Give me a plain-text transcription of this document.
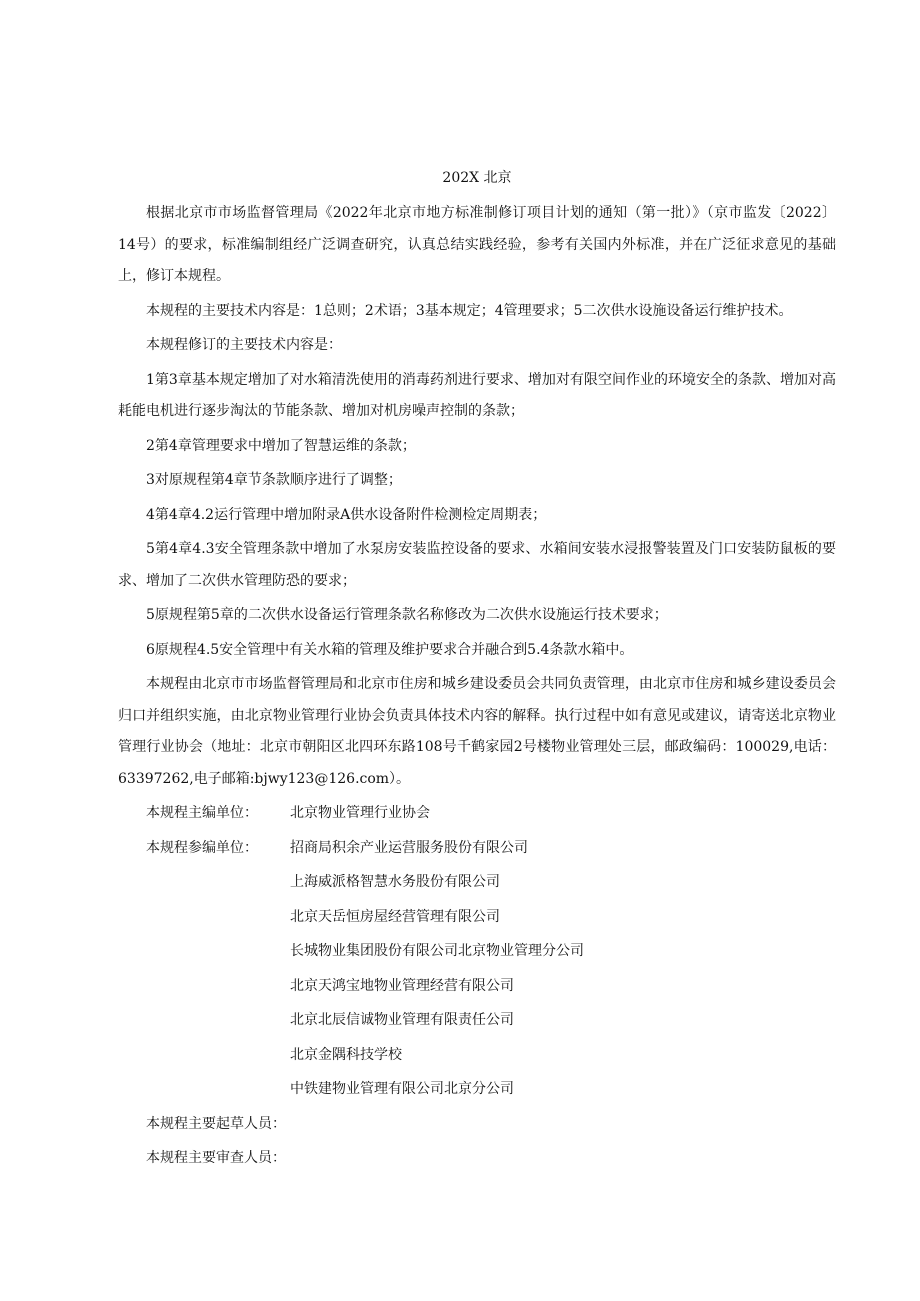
202X 北京

根据北京市市场监督管理局《2022年北京市地方标准制修订项目计划的通知（第一批）》（京市监发〔2022〕14号）的要求，标准编制组经广泛调查研究，认真总结实践经验，参考有关国内外标准，并在广泛征求意见的基础上，修订本规程。

本规程的主要技术内容是：1总则；2术语；3基本规定；4管理要求；5二次供水设施设备运行维护技术。

本规程修订的主要技术内容是：

1第3章基本规定增加了对水箱清洗使用的消毒药剂进行要求、增加对有限空间作业的环境安全的条款、增加对高耗能电机进行逐步淘汰的节能条款、增加对机房噪声控制的条款；

2第4章管理要求中增加了智慧运维的条款；

3对原规程第4章节条款顺序进行了调整；

4第4章4.2运行管理中增加附录A供水设备附件检测检定周期表；

5第4章4.3安全管理条款中增加了水泵房安装监控设备的要求、水箱间安装水浸报警装置及门口安装防鼠板的要求、增加了二次供水管理防恐的要求；

5原规程第5章的二次供水设备运行管理条款名称修改为二次供水设施运行技术要求；

6原规程4.5安全管理中有关水箱的管理及维护要求合并融合到5.4条款水箱中。

本规程由北京市市场监督管理局和北京市住房和城乡建设委员会共同负责管理，由北京市住房和城乡建设委员会归口并组织实施，由北京物业管理行业协会负责具体技术内容的解释。执行过程中如有意见或建议，请寄送北京物业管理行业协会（地址：北京市朝阳区北四环东路108号千鹤家园2号楼物业管理处三层，邮政编码：100029,电话：63397262,电子邮箱:bjwy123@126.com）。

本规程主编单位：	北京物业管理行业协会
本规程参编单位：	招商局积余产业运营服务股份有限公司
上海威派格智慧水务股份有限公司
北京天岳恒房屋经营管理有限公司
长城物业集团股份有限公司北京物业管理分公司
北京天鸿宝地物业管理经营有限公司
北京北辰信诚物业管理有限责任公司
北京金隅科技学校
中铁建物业管理有限公司北京分公司

本规程主要起草人员：

本规程主要审查人员：
